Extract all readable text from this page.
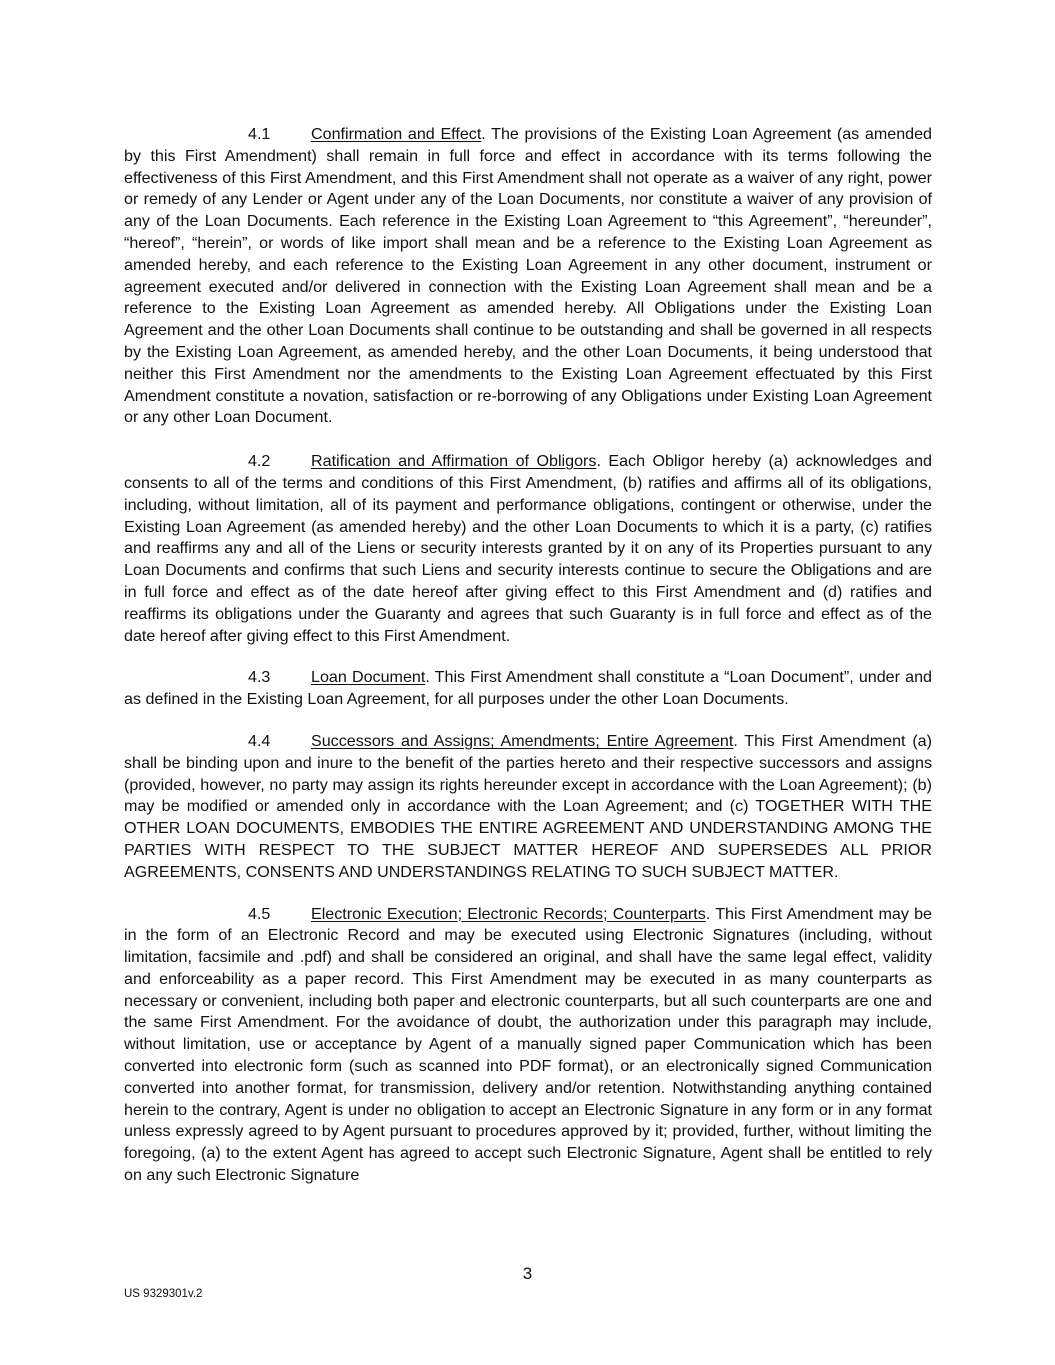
4.1	Confirmation and Effect. The provisions of the Existing Loan Agreement (as amended by this First Amendment) shall remain in full force and effect in accordance with its terms following the effectiveness of this First Amendment, and this First Amendment shall not operate as a waiver of any right, power or remedy of any Lender or Agent under any of the Loan Documents, nor constitute a waiver of any provision of any of the Loan Documents. Each reference in the Existing Loan Agreement to “this Agreement”, “hereunder”, “hereof”, “herein”, or words of like import shall mean and be a reference to the Existing Loan Agreement as amended hereby, and each reference to the Existing Loan Agreement in any other document, instrument or agreement executed and/or delivered in connection with the Existing Loan Agreement shall mean and be a reference to the Existing Loan Agreement as amended hereby. All Obligations under the Existing Loan Agreement and the other Loan Documents shall continue to be outstanding and shall be governed in all respects by the Existing Loan Agreement, as amended hereby, and the other Loan Documents, it being understood that neither this First Amendment nor the amendments to the Existing Loan Agreement effectuated by this First Amendment constitute a novation, satisfaction or re-borrowing of any Obligations under Existing Loan Agreement or any other Loan Document.

4.2	Ratification and Affirmation of Obligors. Each Obligor hereby (a) acknowledges and consents to all of the terms and conditions of this First Amendment, (b) ratifies and affirms all of its obligations, including, without limitation, all of its payment and performance obligations, contingent or otherwise, under the Existing Loan Agreement (as amended hereby) and the other Loan Documents to which it is a party, (c) ratifies and reaffirms any and all of the Liens or security interests granted by it on any of its Properties pursuant to any Loan Documents and confirms that such Liens and security interests continue to secure the Obligations and are in full force and effect as of the date hereof after giving effect to this First Amendment and (d) ratifies and reaffirms its obligations under the Guaranty and agrees that such Guaranty is in full force and effect as of the date hereof after giving effect to this First Amendment.

4.3	Loan Document. This First Amendment shall constitute a “Loan Document”, under and as defined in the Existing Loan Agreement, for all purposes under the other Loan Documents.

4.4	Successors and Assigns; Amendments; Entire Agreement. This First Amendment (a) shall be binding upon and inure to the benefit of the parties hereto and their respective successors and assigns (provided, however, no party may assign its rights hereunder except in accordance with the Loan Agreement); (b) may be modified or amended only in accordance with the Loan Agreement; and (c) TOGETHER WITH THE OTHER LOAN DOCUMENTS, EMBODIES THE ENTIRE AGREEMENT AND UNDERSTANDING AMONG THE PARTIES WITH RESPECT TO THE SUBJECT MATTER HEREOF AND SUPERSEDES ALL PRIOR AGREEMENTS, CONSENTS AND UNDERSTANDINGS RELATING TO SUCH SUBJECT MATTER.

4.5	Electronic Execution; Electronic Records; Counterparts. This First Amendment may be in the form of an Electronic Record and may be executed using Electronic Signatures (including, without limitation, facsimile and .pdf) and shall be considered an original, and shall have the same legal effect, validity and enforceability as a paper record. This First Amendment may be executed in as many counterparts as necessary or convenient, including both paper and electronic counterparts, but all such counterparts are one and the same First Amendment. For the avoidance of doubt, the authorization under this paragraph may include, without limitation, use or acceptance by Agent of a manually signed paper Communication which has been converted into electronic form (such as scanned into PDF format), or an electronically signed Communication converted into another format, for transmission, delivery and/or retention. Notwithstanding anything contained herein to the contrary, Agent is under no obligation to accept an Electronic Signature in any form or in any format unless expressly agreed to by Agent pursuant to procedures approved by it; provided, further, without limiting the foregoing, (a) to the extent Agent has agreed to accept such Electronic Signature, Agent shall be entitled to rely on any such Electronic Signature

3
US 9329301v.2
